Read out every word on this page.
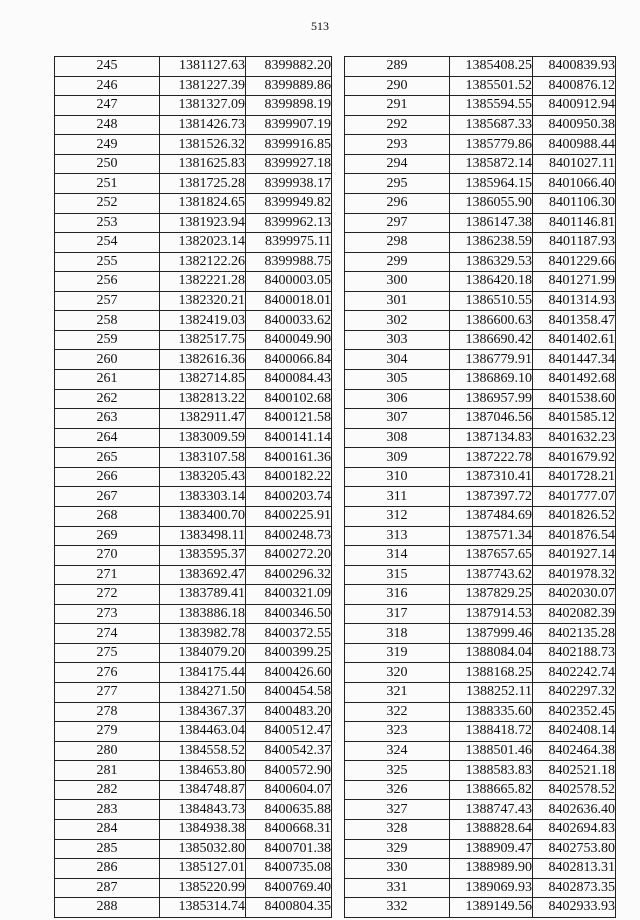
513
245	1381127.63	8399882.20
246	1381227.39	8399889.86
247	1381327.09	8399898.19
248	1381426.73	8399907.19
249	1381526.32	8399916.85
250	1381625.83	8399927.18
251	1381725.28	8399938.17
252	1381824.65	8399949.82
253	1381923.94	8399962.13
254	1382023.14	8399975.11
255	1382122.26	8399988.75
256	1382221.28	8400003.05
257	1382320.21	8400018.01
258	1382419.03	8400033.62
259	1382517.75	8400049.90
260	1382616.36	8400066.84
261	1382714.85	8400084.43
262	1382813.22	8400102.68
263	1382911.47	8400121.58
264	1383009.59	8400141.14
265	1383107.58	8400161.36
266	1383205.43	8400182.22
267	1383303.14	8400203.74
268	1383400.70	8400225.91
269	1383498.11	8400248.73
270	1383595.37	8400272.20
271	1383692.47	8400296.32
272	1383789.41	8400321.09
273	1383886.18	8400346.50
274	1383982.78	8400372.55
275	1384079.20	8400399.25
276	1384175.44	8400426.60
277	1384271.50	8400454.58
278	1384367.37	8400483.20
279	1384463.04	8400512.47
280	1384558.52	8400542.37
281	1384653.80	8400572.90
282	1384748.87	8400604.07
283	1384843.73	8400635.88
284	1384938.38	8400668.31
285	1385032.80	8400701.38
286	1385127.01	8400735.08
287	1385220.99	8400769.40
288	1385314.74	8400804.35
289	1385408.25	8400839.93
290	1385501.52	8400876.12
291	1385594.55	8400912.94
292	1385687.33	8400950.38
293	1385779.86	8400988.44
294	1385872.14	8401027.11
295	1385964.15	8401066.40
296	1386055.90	8401106.30
297	1386147.38	8401146.81
298	1386238.59	8401187.93
299	1386329.53	8401229.66
300	1386420.18	8401271.99
301	1386510.55	8401314.93
302	1386600.63	8401358.47
303	1386690.42	8401402.61
304	1386779.91	8401447.34
305	1386869.10	8401492.68
306	1386957.99	8401538.60
307	1387046.56	8401585.12
308	1387134.83	8401632.23
309	1387222.78	8401679.92
310	1387310.41	8401728.21
311	1387397.72	8401777.07
312	1387484.69	8401826.52
313	1387571.34	8401876.54
314	1387657.65	8401927.14
315	1387743.62	8401978.32
316	1387829.25	8402030.07
317	1387914.53	8402082.39
318	1387999.46	8402135.28
319	1388084.04	8402188.73
320	1388168.25	8402242.74
321	1388252.11	8402297.32
322	1388335.60	8402352.45
323	1388418.72	8402408.14
324	1388501.46	8402464.38
325	1388583.83	8402521.18
326	1388665.82	8402578.52
327	1388747.43	8402636.40
328	1388828.64	8402694.83
329	1388909.47	8402753.80
330	1388989.90	8402813.31
331	1389069.93	8402873.35
332	1389149.56	8402933.93
